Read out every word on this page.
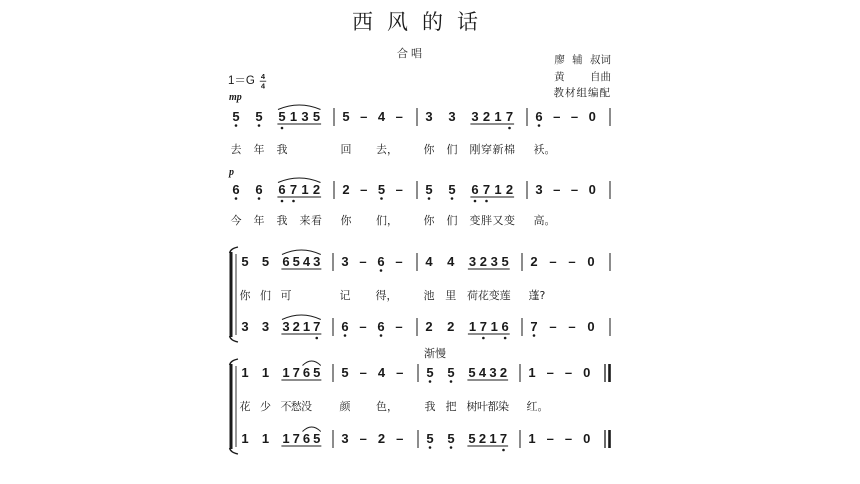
西风的话
合唱	廖 辅 叔词
黄 自曲
教材组编配
渐慢
1＝G 4
4
mp
5
去
5
年
5
我
1 3 5 5
回
– 4
去，
– 3
你
3
们
3
刚
2
穿
1
新
7
棉
6
袄。
– – 0
p
6
今
6
年
6
我
7 1
来
2
看
2
你
– 5
们，
– 5
你
5
们
6
变
7
胖
1
又
2
变
3
高。
– – 0
5
你
5
们
6
可
5 4 3 3
记
– 6
得，
– 4
池
4
里
3
荷
2
花
3
变
5
莲
2
蓬?
– – 0
3 3 3 2 1 7 6 – 6 – 2 2 1 7 1 6 7 – – 0
1
花
1
少
1
不
7
愁
6
没
5 5
颜
– 4
色，
– 5
我
5
把
5
树
4
叶
3
都
2
染
1
红。
– – 0
1 1 1 7 6 5 3 – 2 – 5 5 5 2 1 7 1 – – 0
